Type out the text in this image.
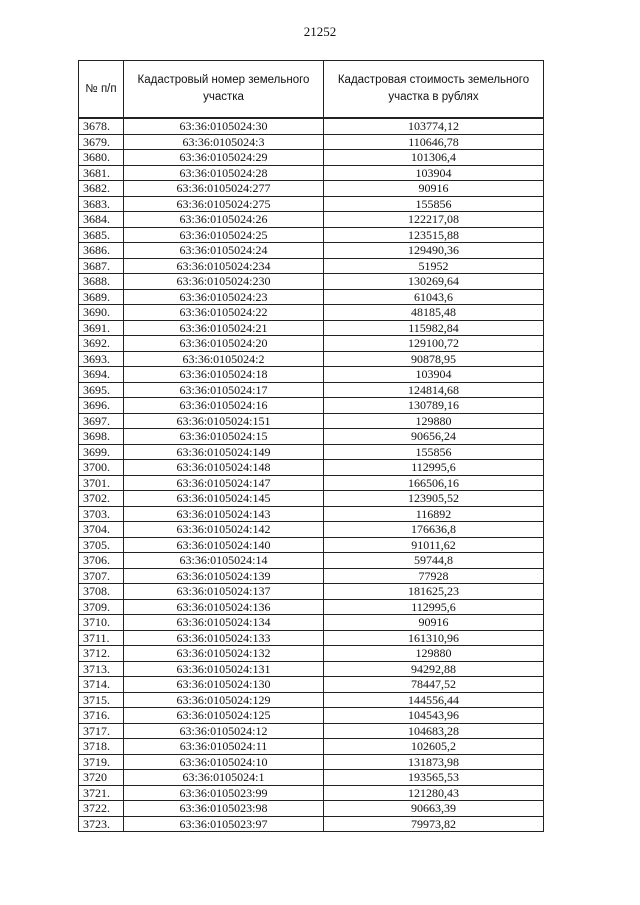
21252
№ п/п	Кадастровый номер земельного участка	Кадастровая стоимость земельного участка в рублях
3678.	63:36:0105024:30	103774,12
3679.	63:36:0105024:3	110646,78
3680.	63:36:0105024:29	101306,4
3681.	63:36:0105024:28	103904
3682.	63:36:0105024:277	90916
3683.	63:36:0105024:275	155856
3684.	63:36:0105024:26	122217,08
3685.	63:36:0105024:25	123515,88
3686.	63:36:0105024:24	129490,36
3687.	63:36:0105024:234	51952
3688.	63:36:0105024:230	130269,64
3689.	63:36:0105024:23	61043,6
3690.	63:36:0105024:22	48185,48
3691.	63:36:0105024:21	115982,84
3692.	63:36:0105024:20	129100,72
3693.	63:36:0105024:2	90878,95
3694.	63:36:0105024:18	103904
3695.	63:36:0105024:17	124814,68
3696.	63:36:0105024:16	130789,16
3697.	63:36:0105024:151	129880
3698.	63:36:0105024:15	90656,24
3699.	63:36:0105024:149	155856
3700.	63:36:0105024:148	112995,6
3701.	63:36:0105024:147	166506,16
3702.	63:36:0105024:145	123905,52
3703.	63:36:0105024:143	116892
3704.	63:36:0105024:142	176636,8
3705.	63:36:0105024:140	91011,62
3706.	63:36:0105024:14	59744,8
3707.	63:36:0105024:139	77928
3708.	63:36:0105024:137	181625,23
3709.	63:36:0105024:136	112995,6
3710.	63:36:0105024:134	90916
3711.	63:36:0105024:133	161310,96
3712.	63:36:0105024:132	129880
3713.	63:36:0105024:131	94292,88
3714.	63:36:0105024:130	78447,52
3715.	63:36:0105024:129	144556,44
3716.	63:36:0105024:125	104543,96
3717.	63:36:0105024:12	104683,28
3718.	63:36:0105024:11	102605,2
3719.	63:36:0105024:10	131873,98
3720	63:36:0105024:1	193565,53
3721.	63:36:0105023:99	121280,43
3722.	63:36:0105023:98	90663,39
3723.	63:36:0105023:97	79973,82
